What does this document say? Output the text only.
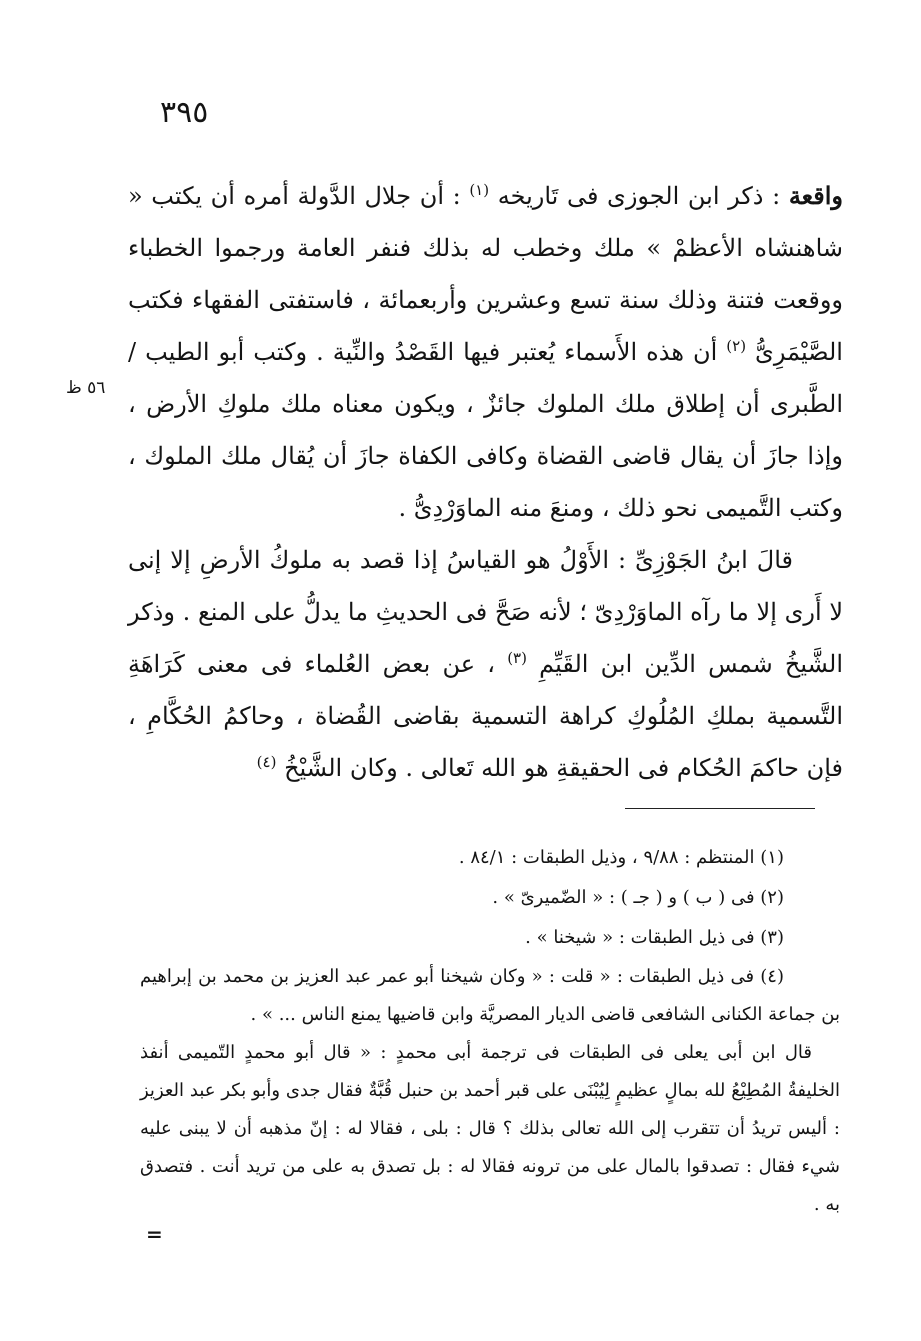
٣٩٥
٥٦ ظ

واقعة : ذكر ابن الجوزى فى تَاريخه $^{(١)}$ : أن جلال الدَّولة أمره أن يكتب « شاهنشاه الأعظمْ » ملك وخطب له بذلك فنفر العامة ورجموا الخطباء ووقعت فتنة وذلك سنة تسع وعشرين وأربعمائة ، فاستفتى الفقهاء فكتب الصَّيْمَرِىُّ $^{(٢)}$ أن هذه الأَسماء يُعتبر فيها القَصْدُ والنِّية . وكتب أبو الطيب / الطَّبرى أن إطلاق ملك الملوك جائزٌ ، ويكون معناه ملك ملوكِ الأرض ، وإذا جازَ أن يقال قاضى القضاة وكافى الكفاة جازَ أن يُقال ملك الملوك ، وكتب التَّميمى نحو ذلك ، ومنعَ منه الماوَرْدِىُّ .

قالَ ابنُ الجَوْزِىِّ : الأَوْلُ هو القياسُ إذا قصد به ملوكُ الأرضِ إلا إنى لا أَرى إلا ما رآه الماوَرْدِىّ ؛ لأنه صَحَّ فى الحديثِ ما يدلُّ على المنع . وذكر الشَّيخُ شمس الدِّين ابن القَيِّمِ $^{(٣)}$ ، عن بعض العُلماء فى معنى كَرَاهَةِ التَّسمية بملكِ المُلُوكِ كراهة التسمية بقاضى القُضاة ، وحاكمُ الحُكَّامِ ، فإن حاكمَ الحُكام فى الحقيقةِ هو الله تَعالى . وكان الشَّيْخُ $^{(٤)}$

(١) المنتظم : ٩/٨٨ ، وذيل الطبقات : ٨٤/١ .

(٢) فى ( ب ) و ( جـ ) : « الضّميرىّ » .

(٣) فى ذيل الطبقات : « شيخنا » .

(٤) فى ذيل الطبقات : « قلت : « وكان شيخنا أبو عمر عبد العزيز بن محمد بن إبراهيم بن جماعة الكنانى الشافعى قاضى الديار المصريَّة وابن قاضيها يمنع الناس ... » .

قال ابن أبى يعلى فى الطبقات فى ترجمة أبى محمدٍ : « قال أبو محمدٍ التّميمى أنفذ الخليفةُ المُطِيْعُ لله بمالٍ عظيمٍ لِيُبْنَى على قبر أحمد بن حنبل قُبَّةٌ فقال جدى وأبو بكر عبد العزيز : أليس تريدُ أن تتقرب إلى الله تعالى بذلك ؟ قال : بلى ، فقالا له : إنّ مذهبه أن لا يبنى عليه شيء فقال : تصدقوا بالمال على من ترونه فقالا له : بل تصدق به على من تريد أنت . فتصدق به .

=
